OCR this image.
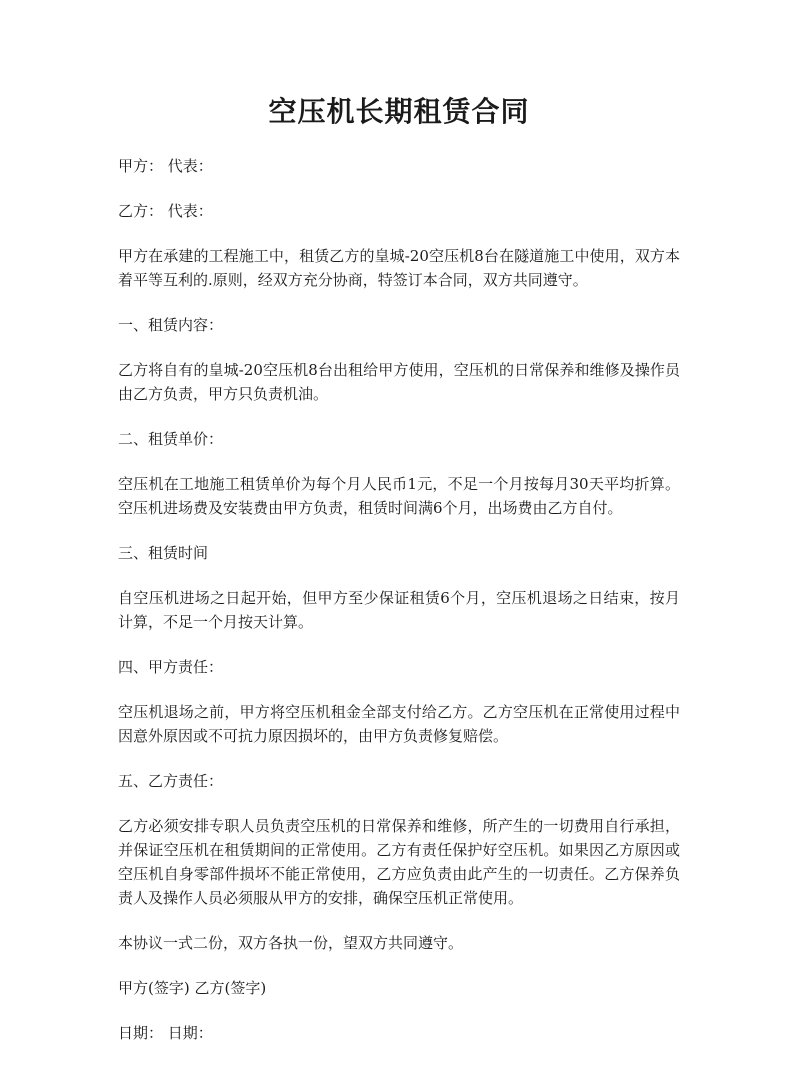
空压机长期租赁合同
甲方： 代表：
乙方： 代表：
甲方在承建的工程施工中，租赁乙方的皇城-20空压机8台在隧道施工中使用，双方本着平等互利的.原则，经双方充分协商，特签订本合同，双方共同遵守。
一、租赁内容：
乙方将自有的皇城-20空压机8台出租给甲方使用，空压机的日常保养和维修及操作员由乙方负责，甲方只负责机油。
二、租赁单价：
空压机在工地施工租赁单价为每个月人民币1元，不足一个月按每月30天平均折算。空压机进场费及安装费由甲方负责，租赁时间满6个月，出场费由乙方自付。
三、租赁时间
自空压机进场之日起开始，但甲方至少保证租赁6个月，空压机退场之日结束，按月计算，不足一个月按天计算。
四、甲方责任：
空压机退场之前，甲方将空压机租金全部支付给乙方。乙方空压机在正常使用过程中因意外原因或不可抗力原因损坏的，由甲方负责修复赔偿。
五、乙方责任：
乙方必须安排专职人员负责空压机的日常保养和维修，所产生的一切费用自行承担，并保证空压机在租赁期间的正常使用。乙方有责任保护好空压机。如果因乙方原因或空压机自身零部件损坏不能正常使用，乙方应负责由此产生的一切责任。乙方保养负责人及操作人员必须服从甲方的安排，确保空压机正常使用。
本协议一式二份，双方各执一份，望双方共同遵守。
甲方(签字) 乙方(签字)
日期： 日期：
